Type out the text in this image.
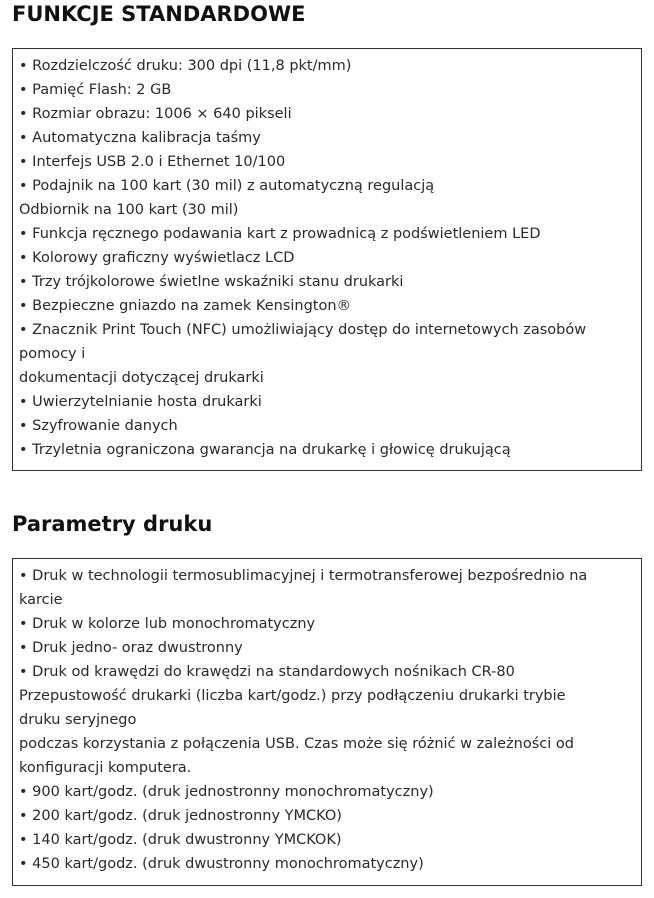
FUNKCJE STANDARDOWE
• Rozdzielczość druku: 300 dpi (11,8 pkt/mm)
• Pamięć Flash: 2 GB
• Rozmiar obrazu: 1006 × 640 pikseli
• Automatyczna kalibracja taśmy
• Interfejs USB 2.0 i Ethernet 10/100
• Podajnik na 100 kart (30 mil) z automatyczną regulacją
Odbiornik na 100 kart (30 mil)
• Funkcja ręcznego podawania kart z prowadnicą z podświetleniem LED
• Kolorowy graficzny wyświetlacz LCD
• Trzy trójkolorowe świetlne wskaźniki stanu drukarki
• Bezpieczne gniazdo na zamek Kensington®
• Znacznik Print Touch (NFC) umożliwiający dostęp do internetowych zasobów
pomocy i
dokumentacji dotyczącej drukarki
• Uwierzytelnianie hosta drukarki
• Szyfrowanie danych
• Trzyletnia ograniczona gwarancja na drukarkę i głowicę drukującą
Parametry druku
• Druk w technologii termosublimacyjnej i termotransferowej bezpośrednio na
karcie
• Druk w kolorze lub monochromatyczny
• Druk jedno- oraz dwustronny
• Druk od krawędzi do krawędzi na standardowych nośnikach CR-80
Przepustowość drukarki (liczba kart/godz.) przy podłączeniu drukarki trybie
druku seryjnego
podczas korzystania z połączenia USB. Czas może się różnić w zależności od
konfiguracji komputera.
• 900 kart/godz. (druk jednostronny monochromatyczny)
• 200 kart/godz. (druk jednostronny YMCKO)
• 140 kart/godz. (druk dwustronny YMCKOK)
• 450 kart/godz. (druk dwustronny monochromatyczny)
